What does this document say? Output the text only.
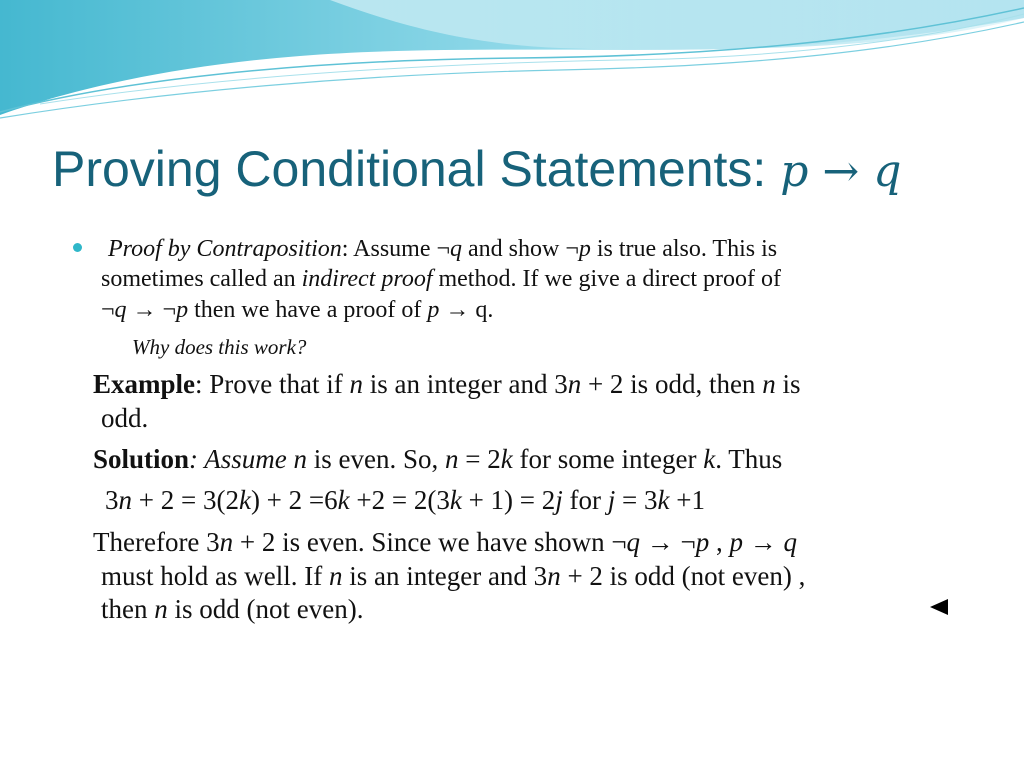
Proving Conditional Statements: p → q
Proof by Contraposition: Assume ¬q and show ¬p is true also. This is
sometimes called an indirect proof method. If we give a direct proof of
¬q → ¬p then we have a proof of p → q.
Why does this work?
Example: Prove that if n is an integer and 3n + 2 is odd, then n is
odd.
Solution: Assume n is even. So, n = 2k for some integer k. Thus
3n + 2 = 3(2k) + 2 =6k +2 = 2(3k + 1) = 2j for j = 3k +1
Therefore 3n + 2 is even. Since we have shown ¬q → ¬p , p → q
must hold as well. If n is an integer and 3n + 2 is odd (not even) ,
then n is odd (not even).
